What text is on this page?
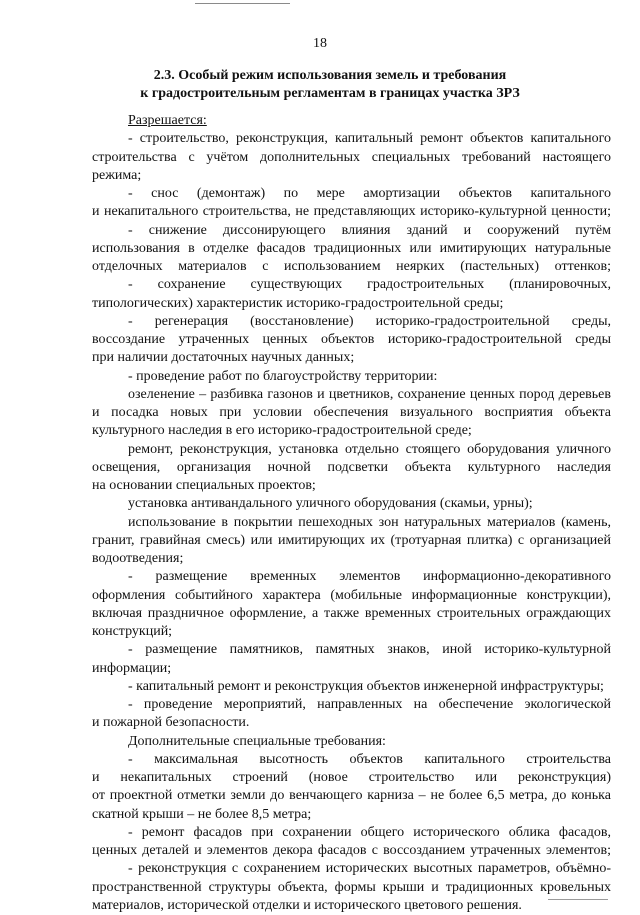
18
2.3. Особый режим использования земель и требования
к градостроительным регламентам в границах участка ЗРЗ
Разрешается:
- строительство, реконструкция, капитальный ремонт объектов капитального
строительства с учётом дополнительных специальных требований настоящего
режима;
- снос (демонтаж) по мере амортизации объектов капитального
и некапитального строительства, не представляющих историко-культурной ценности;
- снижение диссонирующего влияния зданий и сооружений путём
использования в отделке фасадов традиционных или имитирующих натуральные
отделочных материалов с использованием неярких (пастельных) оттенков;
- сохранение существующих градостроительных (планировочных,
типологических) характеристик историко-градостроительной среды;
- регенерация (восстановление) историко-градостроительной среды,
воссоздание утраченных ценных объектов историко-градостроительной среды
при наличии достаточных научных данных;
- проведение работ по благоустройству территории:
озеленение – разбивка газонов и цветников, сохранение ценных пород деревьев
и посадка новых при условии обеспечения визуального восприятия объекта
культурного наследия в его историко-градостроительной среде;
ремонт, реконструкция, установка отдельно стоящего оборудования уличного
освещения, организация ночной подсветки объекта культурного наследия
на основании специальных проектов;
установка антивандального уличного оборудования (скамьи, урны);
использование в покрытии пешеходных зон натуральных материалов (камень,
гранит, гравийная смесь) или имитирующих их (тротуарная плитка) с организацией
водоотведения;
- размещение временных элементов информационно-декоративного
оформления событийного характера (мобильные информационные конструкции),
включая праздничное оформление, а также временных строительных ограждающих
конструкций;
- размещение памятников, памятных знаков, иной историко-культурной
информации;
- капитальный ремонт и реконструкция объектов инженерной инфраструктуры;
- проведение мероприятий, направленных на обеспечение экологической
и пожарной безопасности.
Дополнительные специальные требования:
- максимальная высотность объектов капитального строительства
и некапитальных строений (новое строительство или реконструкция)
от проектной отметки земли до венчающего карниза – не более 6,5 метра, до конька
скатной крыши – не более 8,5 метра;
- ремонт фасадов при сохранении общего исторического облика фасадов,
ценных деталей и элементов декора фасадов с воссозданием утраченных элементов;
- реконструкция с сохранением исторических высотных параметров, объёмно-
пространственной структуры объекта, формы крыши и традиционных кровельных
материалов, исторической отделки и исторического цветового решения.
